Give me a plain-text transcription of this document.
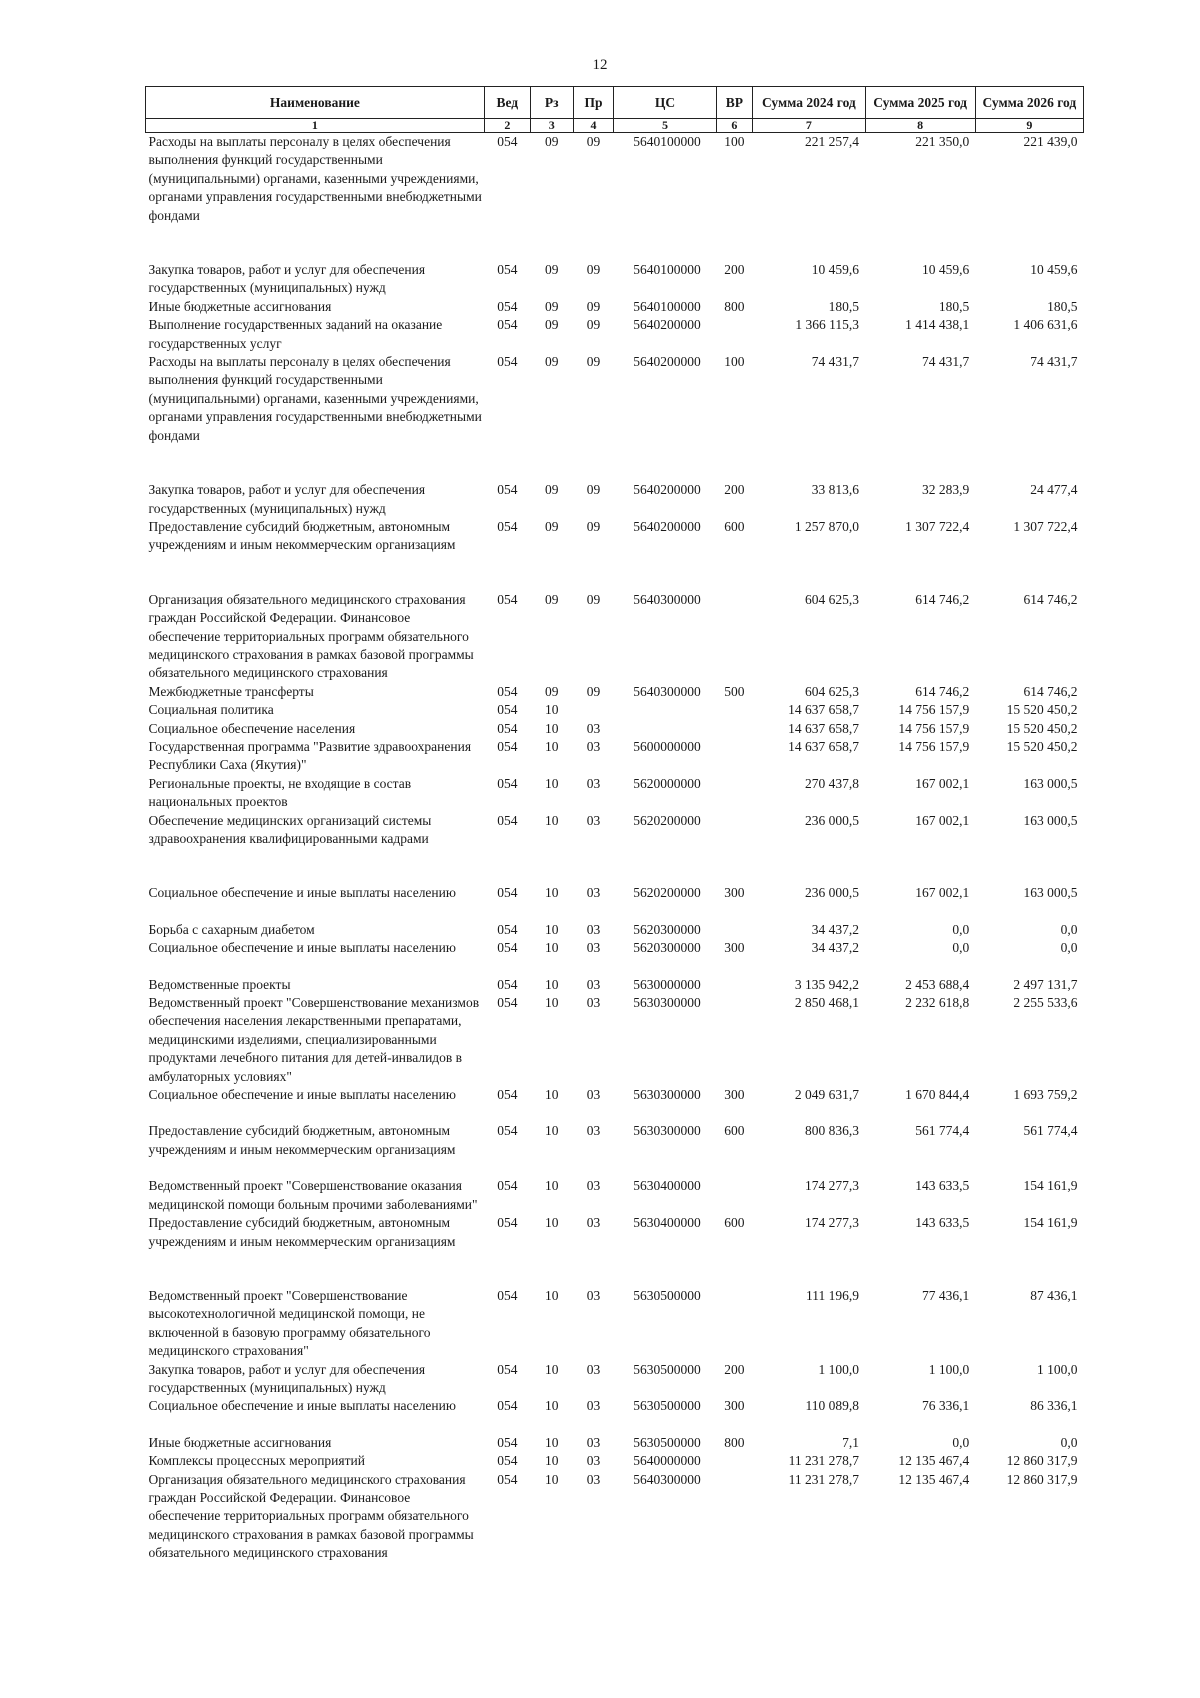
12
Наименование	Вед	Рз	Пр	ЦС	ВР	Сумма 2024 год	Сумма 2025 год	Сумма 2026 год
1	2	3	4	5	6	7	8	9
Расходы на выплаты персоналу в целях обеспечения выполнения функций государственными (муниципальными) органами, казенными учреждениями, органами управления государственными внебюджетными фондами	054	09	09	5640100000	100	221 257,4	221 350,0	221 439,0

Закупка товаров, работ и услуг для обеспечения государственных (муниципальных) нужд	054	09	09	5640100000	200	10 459,6	10 459,6	10 459,6
Иные бюджетные ассигнования	054	09	09	5640100000	800	180,5	180,5	180,5
Выполнение государственных заданий на оказание государственных услуг	054	09	09	5640200000		1 366 115,3	1 414 438,1	1 406 631,6
Расходы на выплаты персоналу в целях обеспечения выполнения функций государственными (муниципальными) органами, казенными учреждениями, органами управления государственными внебюджетными фондами	054	09	09	5640200000	100	74 431,7	74 431,7	74 431,7

Закупка товаров, работ и услуг для обеспечения государственных (муниципальных) нужд	054	09	09	5640200000	200	33 813,6	32 283,9	24 477,4
Предоставление субсидий бюджетным, автономным учреждениям и иным некоммерческим организациям	054	09	09	5640200000	600	1 257 870,0	1 307 722,4	1 307 722,4

Организация обязательного медицинского страхования граждан Российской Федерации. Финансовое обеспечение территориальных программ обязательного медицинского страхования в рамках базовой программы обязательного медицинского страхования	054	09	09	5640300000		604 625,3	614 746,2	614 746,2
Межбюджетные трансферты	054	09	09	5640300000	500	604 625,3	614 746,2	614 746,2
Социальная политика	054	10				14 637 658,7	14 756 157,9	15 520 450,2
Социальное обеспечение населения	054	10	03			14 637 658,7	14 756 157,9	15 520 450,2
Государственная программа "Развитие здравоохранения Республики Саха (Якутия)"	054	10	03	5600000000		14 637 658,7	14 756 157,9	15 520 450,2
Региональные проекты, не входящие в состав национальных проектов	054	10	03	5620000000		270 437,8	167 002,1	163 000,5
Обеспечение медицинских организаций системы здравоохранения квалифицированными кадрами	054	10	03	5620200000		236 000,5	167 002,1	163 000,5

Социальное обеспечение и иные выплаты населению	054	10	03	5620200000	300	236 000,5	167 002,1	163 000,5

Борьба с сахарным диабетом	054	10	03	5620300000		34 437,2	0,0	0,0
Социальное обеспечение и иные выплаты населению	054	10	03	5620300000	300	34 437,2	0,0	0,0

Ведомственные проекты	054	10	03	5630000000		3 135 942,2	2 453 688,4	2 497 131,7
Ведомственный проект "Совершенствование механизмов обеспечения населения лекарственными препаратами, медицинскими изделиями, специализированными продуктами лечебного питания для детей-инвалидов в амбулаторных условиях"	054	10	03	5630300000		2 850 468,1	2 232 618,8	2 255 533,6
Социальное обеспечение и иные выплаты населению	054	10	03	5630300000	300	2 049 631,7	1 670 844,4	1 693 759,2

Предоставление субсидий бюджетным, автономным учреждениям и иным некоммерческим организациям	054	10	03	5630300000	600	800 836,3	561 774,4	561 774,4

Ведомственный проект "Совершенствование оказания медицинской помощи больным прочими заболеваниями"	054	10	03	5630400000		174 277,3	143 633,5	154 161,9
Предоставление субсидий бюджетным, автономным учреждениям и иным некоммерческим организациям	054	10	03	5630400000	600	174 277,3	143 633,5	154 161,9

Ведомственный проект "Совершенствование высокотехнологичной медицинской помощи, не включенной в базовую программу обязательного медицинского страхования"	054	10	03	5630500000		111 196,9	77 436,1	87 436,1
Закупка товаров, работ и услуг для обеспечения государственных (муниципальных) нужд	054	10	03	5630500000	200	1 100,0	1 100,0	1 100,0
Социальное обеспечение и иные выплаты населению	054	10	03	5630500000	300	110 089,8	76 336,1	86 336,1

Иные бюджетные ассигнования	054	10	03	5630500000	800	7,1	0,0	0,0
Комплексы процессных мероприятий	054	10	03	5640000000		11 231 278,7	12 135 467,4	12 860 317,9
Организация обязательного медицинского страхования граждан Российской Федерации. Финансовое обеспечение территориальных программ обязательного медицинского страхования в рамках базовой программы обязательного медицинского страхования	054	10	03	5640300000		11 231 278,7	12 135 467,4	12 860 317,9
